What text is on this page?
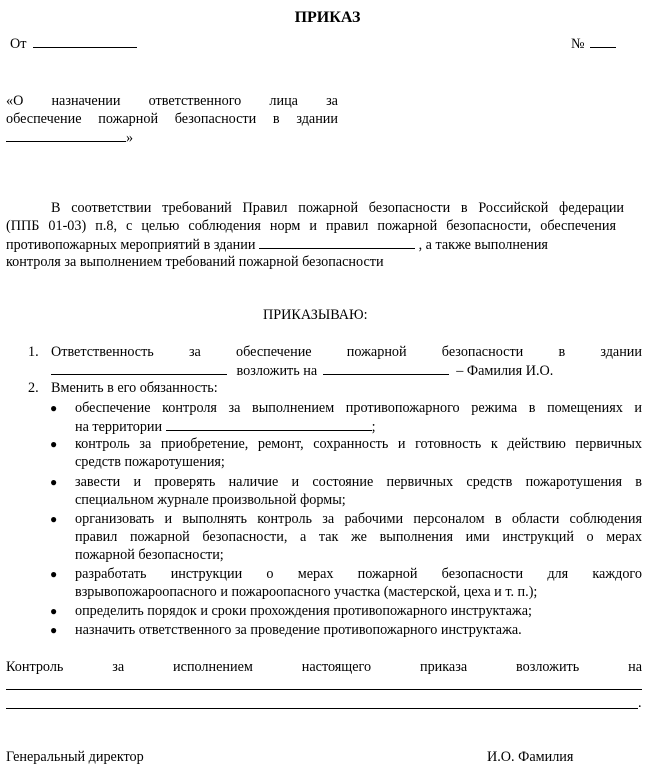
ПРИКАЗ
От	№
«О назначении ответственного лица за
обеспечение пожарной безопасности в здании
»
В соответствии требований Правил пожарной безопасности в Российской федерации
(ППБ 01-03) п.8, с целью соблюдения норм и правил пожарной безопасности, обеспечения
противопожарных мероприятий в здании	, а также выполнения
контроля за выполнением требований пожарной безопасности
ПРИКАЗЫВАЮ:
1. Ответственность за обеспечение пожарной безопасности в здании
возложить на	– Фамилия И.О.
2. Вменить в его обязанность:
● обеспечение контроля за выполнением противопожарного режима в помещениях и
на территории	;
● контроль за приобретение, ремонт, сохранность и готовность к действию первичных
средств пожаротушения;
● завести и проверять наличие и состояние первичных средств пожаротушения в
специальном журнале произвольной формы;
● организовать и выполнять контроль за рабочими персоналом в области соблюдения
правил пожарной безопасности, а так же выполнения ими инструкций о мерах
пожарной безопасности;
● разработать инструкции о мерах пожарной безопасности для каждого
взрывопожароопасного и пожароопасного участка (мастерской, цеха и т. п.);
● определить порядок и сроки прохождения противопожарного инструктажа;
● назначить ответственного за проведение противопожарного инструктажа.
Контроль за исполнением настоящего приказа возложить на
.
Генеральный директор	И.О. Фамилия
